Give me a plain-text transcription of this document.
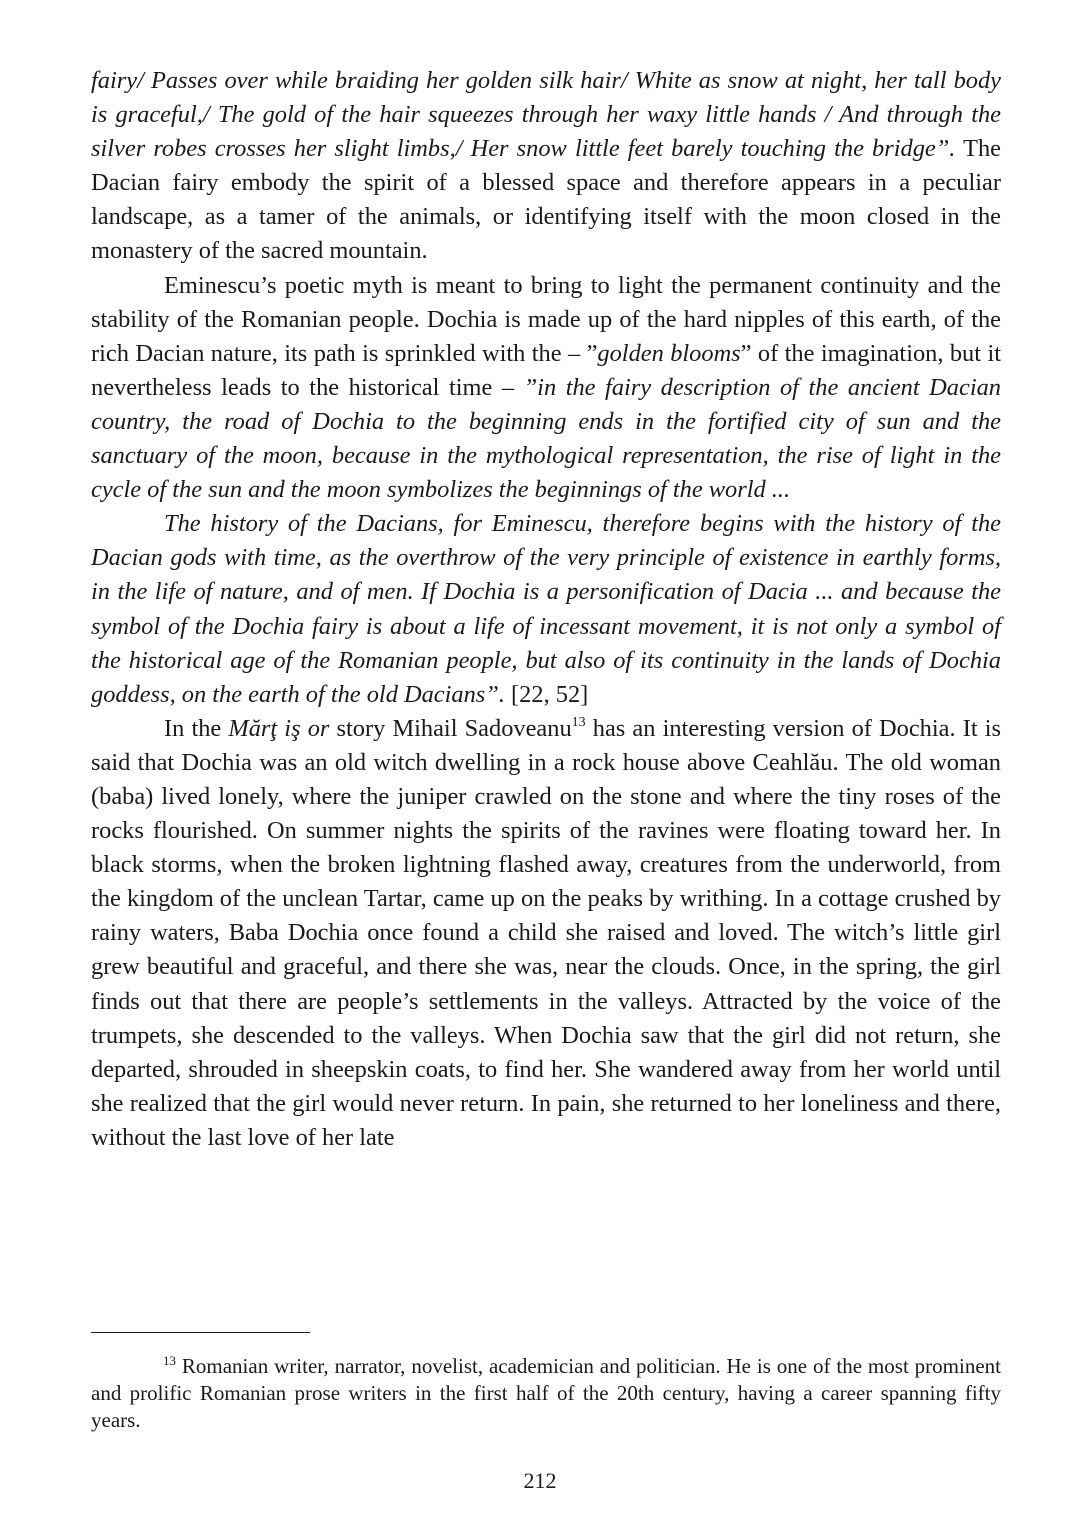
fairy/ Passes over while braiding her golden silk hair/ White as snow at night, her tall body is graceful,/ The gold of the hair squeezes through her waxy little hands / And through the silver robes crosses her slight limbs,/ Her snow little feet barely touching the bridge”. The Dacian fairy embody the spirit of a blessed space and therefore appears in a peculiar landscape, as a tamer of the animals, or identifying itself with the moon closed in the monastery of the sacred mountain.

Eminescu’s poetic myth is meant to bring to light the permanent continuity and the stability of the Romanian people. Dochia is made up of the hard nipples of this earth, of the rich Dacian nature, its path is sprinkled with the – ”golden blooms” of the imagination, but it nevertheless leads to the historical time – ”in the fairy description of the ancient Dacian country, the road of Dochia to the beginning ends in the fortified city of sun and the sanctuary of the moon, because in the mythological representation, the rise of light in the cycle of the sun and the moon symbolizes the beginnings of the world ...

The history of the Dacians, for Eminescu, therefore begins with the history of the Dacian gods with time, as the overthrow of the very principle of existence in earthly forms, in the life of nature, and of men. If Dochia is a personification of Dacia ... and because the symbol of the Dochia fairy is about a life of incessant movement, it is not only a symbol of the historical age of the Romanian people, but also of its continuity in the lands of Dochia goddess, on the earth of the old Dacians”. [22, 52]

In the Mărţ iş or story Mihail Sadoveanu$^{13}$ has an interesting version of Dochia. It is said that Dochia was an old witch dwelling in a rock house above Ceahlău. The old woman (baba) lived lonely, where the juniper crawled on the stone and where the tiny roses of the rocks flourished. On summer nights the spirits of the ravines were floating toward her. In black storms, when the broken lightning flashed away, creatures from the underworld, from the kingdom of the unclean Tartar, came up on the peaks by writhing. In a cottage crushed by rainy waters, Baba Dochia once found a child she raised and loved. The witch’s little girl grew beautiful and graceful, and there she was, near the clouds. Once, in the spring, the girl finds out that there are people’s settlements in the valleys. Attracted by the voice of the trumpets, she descended to the valleys. When Dochia saw that the girl did not return, she departed, shrouded in sheepskin coats, to find her. She wandered away from her world until she realized that the girl would never return. In pain, she returned to her loneliness and there, without the last love of her late

$^{13}$ Romanian writer, narrator, novelist, academician and politician. He is one of the most prominent and prolific Romanian prose writers in the first half of the 20th century, having a career spanning fifty years.

212
